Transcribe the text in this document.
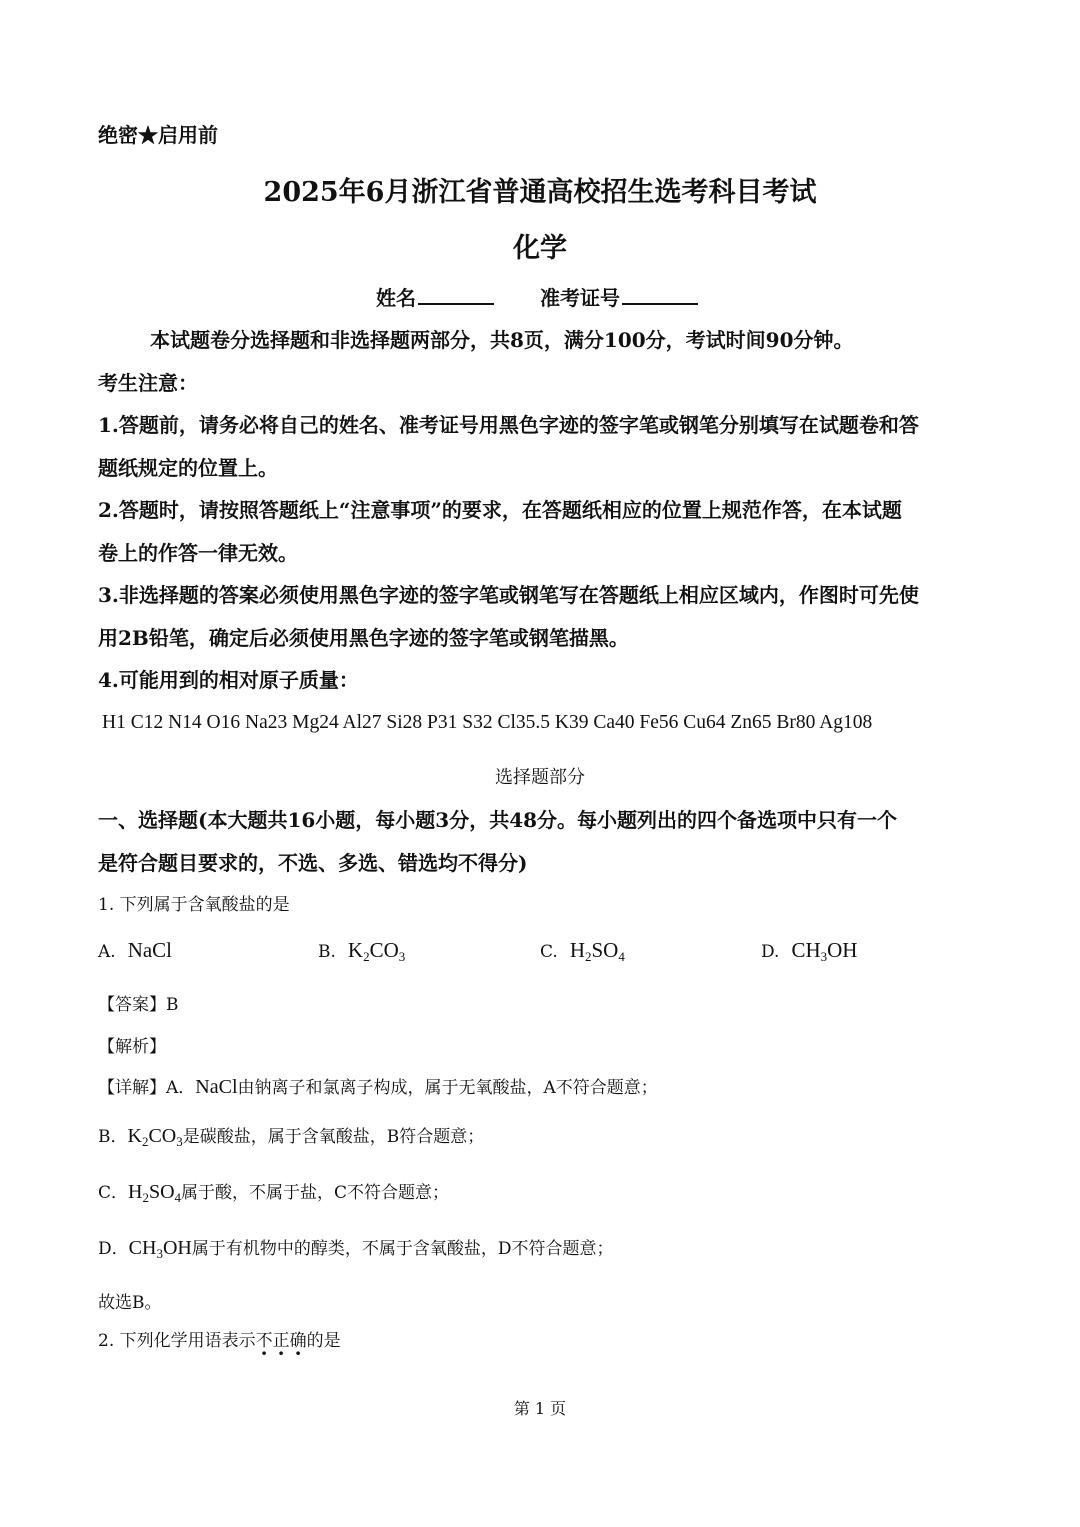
绝密★启用前
2025年6月浙江省普通高校招生选考科目考试
化学
姓名	准考证号
本试题卷分选择题和非选择题两部分，共8页，满分100分，考试时间90分钟。
考生注意：
1.答题前，请务必将自己的姓名、准考证号用黑色字迹的签字笔或钢笔分别填写在试题卷和答
题纸规定的位置上。
2.答题时，请按照答题纸上“注意事项”的要求，在答题纸相应的位置上规范作答，在本试题
卷上的作答一律无效。
3.非选择题的答案必须使用黑色字迹的签字笔或钢笔写在答题纸上相应区域内，作图时可先使
用2B铅笔，确定后必须使用黑色字迹的签字笔或钢笔描黑。
4.可能用到的相对原子质量：
H1 C12 N14 O16 Na23 Mg24 Al27 Si28 P31 S32 Cl35.5 K39 Ca40 Fe56 Cu64 Zn65 Br80 Ag108
选择题部分
一、选择题(本大题共16小题，每小题3分，共48分。每小题列出的四个备选项中只有一个
是符合题目要求的，不选、多选、错选均不得分)
1. 下列属于含氧酸盐的是
A. NaCl	B. $K_2CO_3$	C. $H_2SO_4$	D. $CH_3OH$
【答案】B
【解析】
【详解】A．NaCl由钠离子和氯离子构成，属于无氧酸盐，A不符合题意；
B．$K_2CO_3$是碳酸盐，属于含氧酸盐，B符合题意；
C．$H_2SO_4$属于酸，不属于盐，C不符合题意；
D．$CH_3OH$属于有机物中的醇类，不属于含氧酸盐，D不符合题意；
故选B。
2. 下列化学用语表示不正确的是
第 1 页
